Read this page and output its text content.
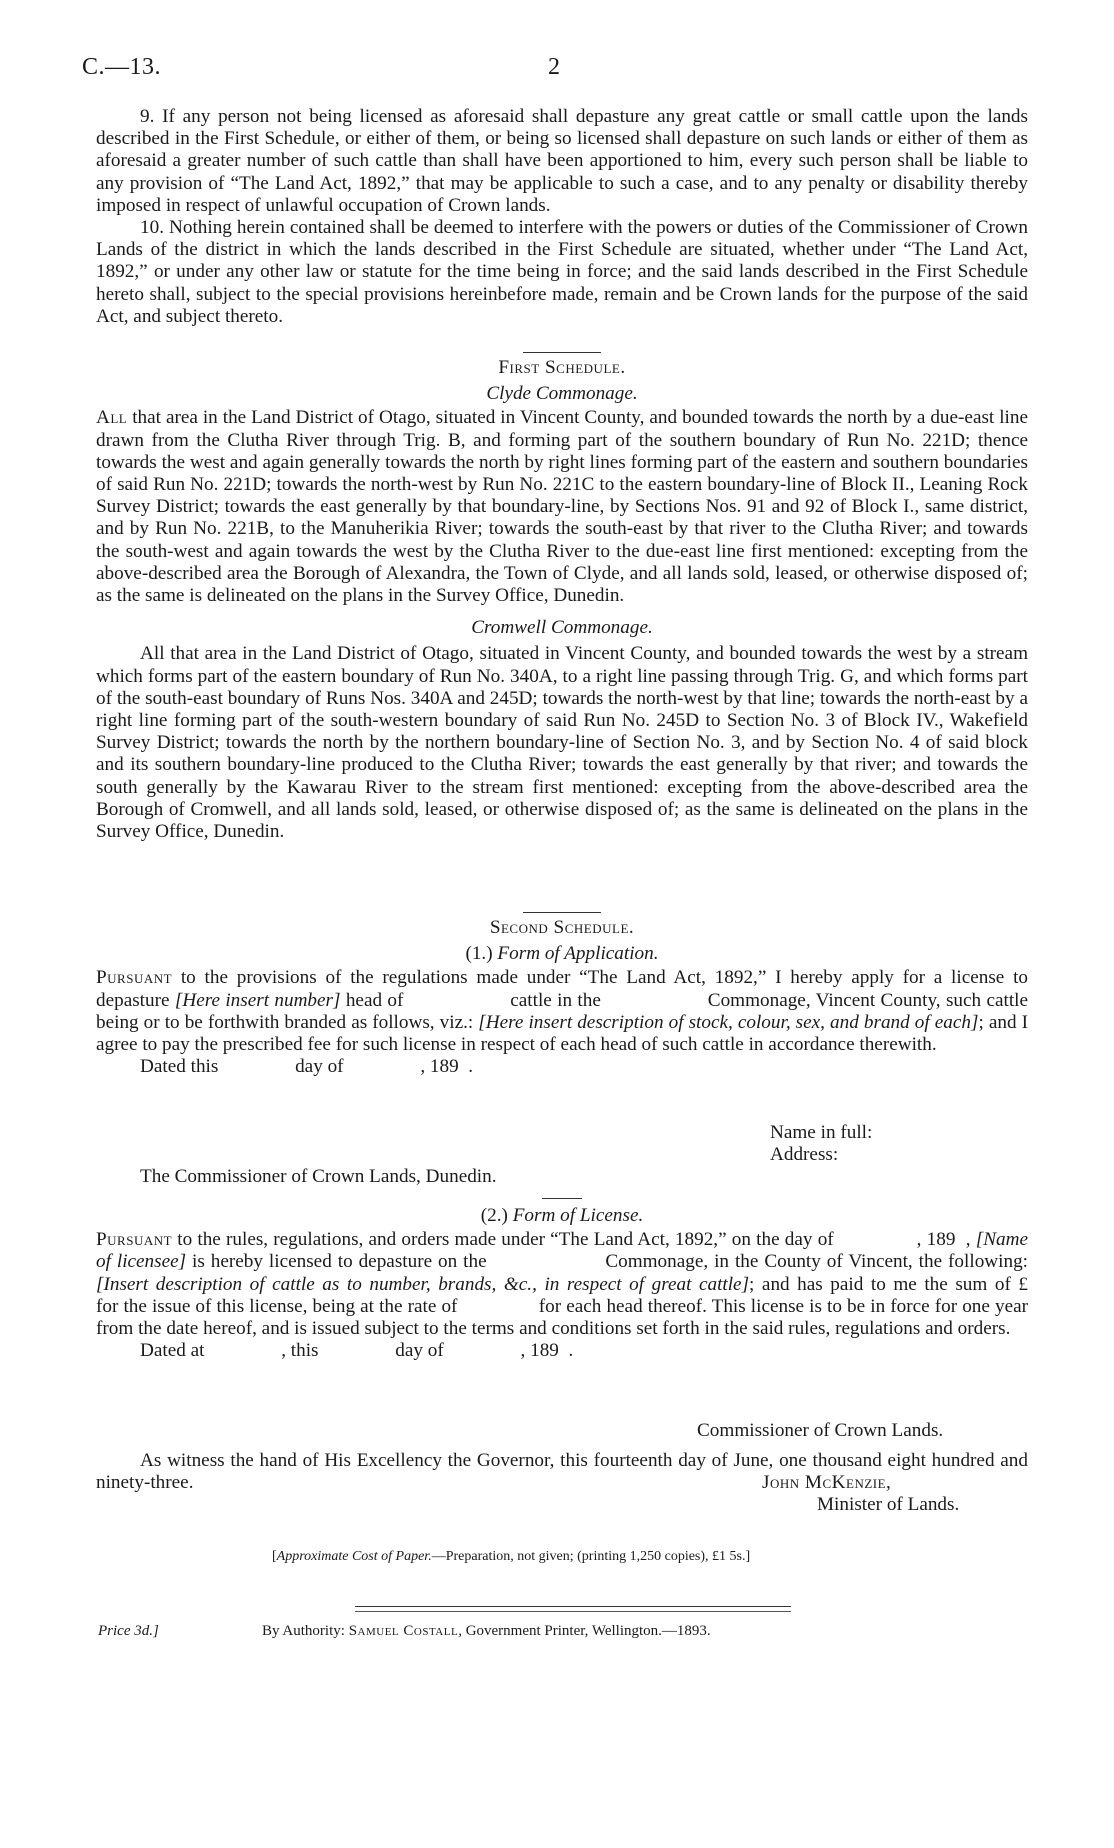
C.—13.	2

9. If any person not being licensed as aforesaid shall depasture any great cattle or small cattle upon the lands described in the First Schedule, or either of them, or being so licensed shall depasture on such lands or either of them as aforesaid a greater number of such cattle than shall have been apportioned to him, every such person shall be liable to any provision of “The Land Act, 1892,” that may be applicable to such a case, and to any penalty or disability thereby imposed in respect of unlawful occupation of Crown lands.

10. Nothing herein contained shall be deemed to interfere with the powers or duties of the Commissioner of Crown Lands of the district in which the lands described in the First Schedule are situated, whether under “The Land Act, 1892,” or under any other law or statute for the time being in force; and the said lands described in the First Schedule hereto shall, subject to the special provisions hereinbefore made, remain and be Crown lands for the purpose of the said Act, and subject thereto.

First Schedule.

Clyde Commonage.

All that area in the Land District of Otago, situated in Vincent County, and bounded towards the north by a due-east line drawn from the Clutha River through Trig. B, and forming part of the southern boundary of Run No. 221D; thence towards the west and again generally towards the north by right lines forming part of the eastern and southern boundaries of said Run No. 221D; towards the north-west by Run No. 221C to the eastern boundary-line of Block II., Leaning Rock Survey District; towards the east generally by that boundary-line, by Sections Nos. 91 and 92 of Block I., same district, and by Run No. 221B, to the Manuherikia River; towards the south-east by that river to the Clutha River; and towards the south-west and again towards the west by the Clutha River to the due-east line first mentioned: excepting from the above-described area the Borough of Alexandra, the Town of Clyde, and all lands sold, leased, or otherwise disposed of; as the same is delineated on the plans in the Survey Office, Dunedin.

Cromwell Commonage.

All that area in the Land District of Otago, situated in Vincent County, and bounded towards the west by a stream which forms part of the eastern boundary of Run No. 340A, to a right line passing through Trig. G, and which forms part of the south-east boundary of Runs Nos. 340A and 245D; towards the north-west by that line; towards the north-east by a right line forming part of the south-western boundary of said Run No. 245D to Section No. 3 of Block IV., Wakefield Survey District; towards the north by the northern boundary-line of Section No. 3, and by Section No. 4 of said block and its southern boundary-line produced to the Clutha River; towards the east generally by that river; and towards the south generally by the Kawarau River to the stream first mentioned: excepting from the above-described area the Borough of Cromwell, and all lands sold, leased, or otherwise disposed of; as the same is delineated on the plans in the Survey Office, Dunedin.

Second Schedule.

(1.) Form of Application.

Pursuant to the provisions of the regulations made under “The Land Act, 1892,” I hereby apply for a license to depasture [Here insert number] head of                    cattle in the                    Commonage, Vincent County, such cattle being or to be forthwith branded as follows, viz.: [Here insert description of stock, colour, sex, and brand of each]; and I agree to pay the prescribed fee for such license in respect of each head of such cattle in accordance therewith.

Dated this                day of                , 189  .

Name in full:
Address:
The Commissioner of Crown Lands, Dunedin.

(2.) Form of License.

Pursuant to the rules, regulations, and orders made under “The Land Act, 1892,” on the day of                , 189  , [Name of licensee] is hereby licensed to depasture on the                    Commonage, in the County of Vincent, the following: [Insert description of cattle as to number, brands, &c., in respect of great cattle]; and has paid to me the sum of £                for the issue of this license, being at the rate of                for each head thereof. This license is to be in force for one year from the date hereof, and is issued subject to the terms and conditions set forth in the said rules, regulations and orders.

Dated at                , this                day of                , 189  .

Commissioner of Crown Lands.
As witness the hand of His Excellency the Governor, this fourteenth day of June, one thousand eight hundred and ninety-three.	John McKenzie,
Minister of Lands.
[Approximate Cost of Paper.—Preparation, not given; (printing 1,250 copies), £1 5s.]
Price 3d.]	By Authority: Samuel Costall, Government Printer, Wellington.—1893.
